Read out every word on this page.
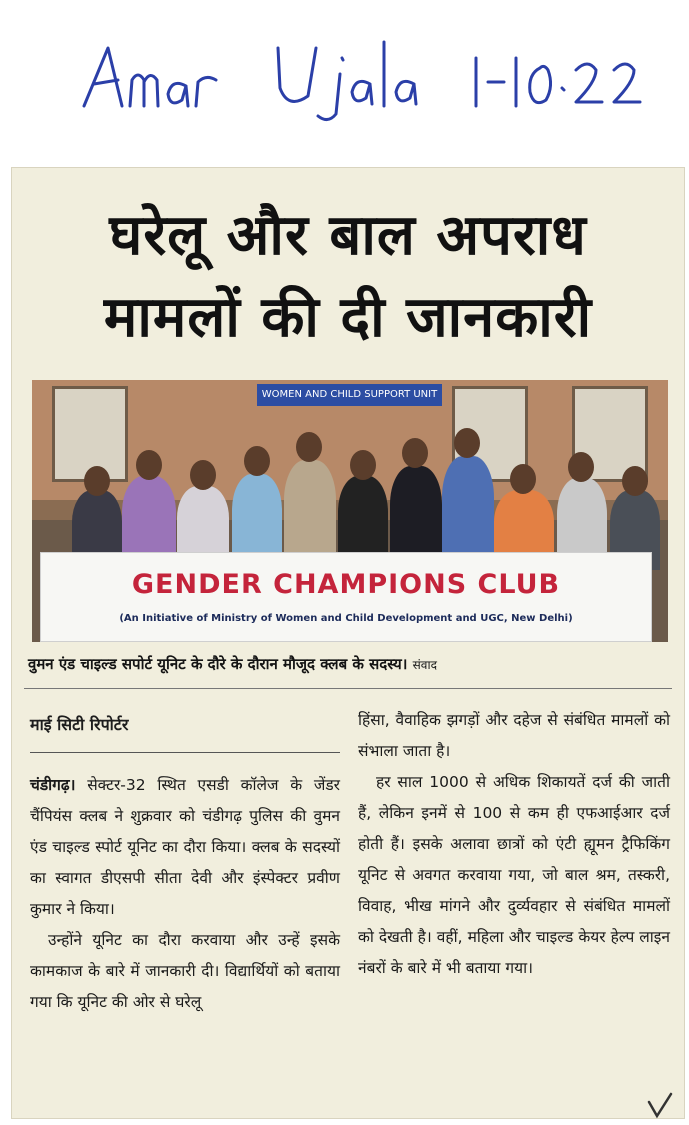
घरेलू और बाल अपराध
मामलों की दी जानकारी
WOMEN AND CHILD SUPPORT UNIT
GENDER CHAMPIONS CLUB
(An Initiative of Ministry of Women and Child Development and UGC, New Delhi)
वुमन एंड चाइल्ड सपोर्ट यूनिट के दौरे के दौरान मौजूद क्लब के सदस्य। संवाद
माई सिटी रिपोर्टर

चंडीगढ़। सेक्टर-32 स्थित एसडी कॉलेज के जेंडर चैंपियंस क्लब ने शुक्रवार को चंडीगढ़ पुलिस की वुमन एंड चाइल्ड स्पोर्ट यूनिट का दौरा किया। क्लब के सदस्यों का स्वागत डीएसपी सीता देवी और इंस्पेक्टर प्रवीण कुमार ने किया।

उन्होंने यूनिट का दौरा करवाया और उन्हें इसके कामकाज के बारे में जानकारी दी। विद्यार्थियों को बताया गया कि यूनिट की ओर से घरेलू

हिंसा, वैवाहिक झगड़ों और दहेज से संबंधित मामलों को संभाला जाता है।

हर साल 1000 से अधिक शिकायतें दर्ज की जाती हैं, लेकिन इनमें से 100 से कम ही एफआईआर दर्ज होती हैं। इसके अलावा छात्रों को एंटी ह्यूमन ट्रैफिकिंग यूनिट से अवगत करवाया गया, जो बाल श्रम, तस्करी, विवाह, भीख मांगने और दुर्व्यवहार से संबंधित मामलों को देखती है। वहीं, महिला और चाइल्ड केयर हेल्प लाइन नंबरों के बारे में भी बताया गया।
